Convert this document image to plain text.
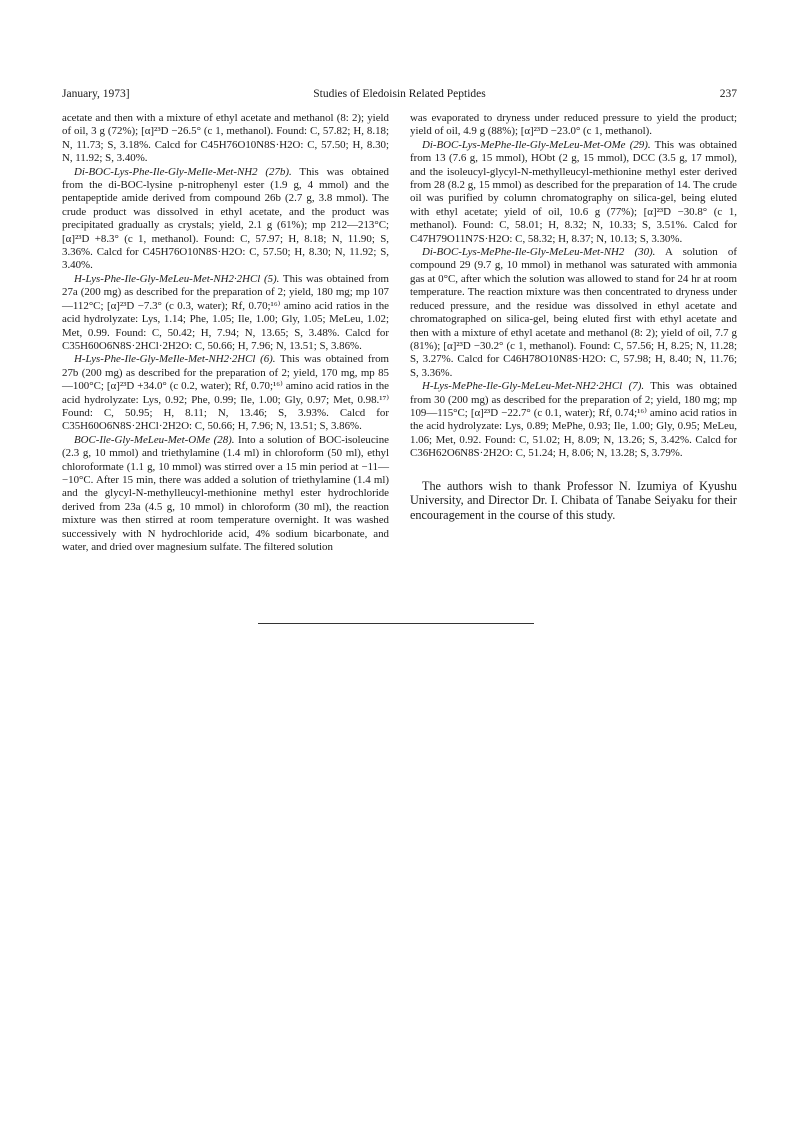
January, 1973]	Studies of Eledoisin Related Peptides	237

acetate and then with a mixture of ethyl acetate and methanol (8: 2); yield of oil, 3 g (72%); [α]²³D −26.5° (c 1, methanol). Found: C, 57.82; H, 8.18; N, 11.73; S, 3.18%. Calcd for C45H76O10N8S·H2O: C, 57.50; H, 8.30; N, 11.92; S, 3.40%.

Di-BOC-Lys-Phe-Ile-Gly-MeIle-Met-NH2 (27b). This was obtained from the di-BOC-lysine p-nitrophenyl ester (1.9 g, 4 mmol) and the pentapeptide amide derived from compound 26b (2.7 g, 3.8 mmol). The crude product was dissolved in ethyl acetate, and the product was precipitated gradually as crystals; yield, 2.1 g (61%); mp 212—213°C; [α]²³D +8.3° (c 1, methanol). Found: C, 57.97; H, 8.18; N, 11.90; S, 3.36%. Calcd for C45H76O10N8S·H2O: C, 57.50; H, 8.30; N, 11.92; S, 3.40%.

H-Lys-Phe-Ile-Gly-MeLeu-Met-NH2·2HCl (5). This was obtained from 27a (200 mg) as described for the preparation of 2; yield, 180 mg; mp 107—112°C; [α]²³D −7.3° (c 0.3, water); Rf, 0.70;¹⁶⁾ amino acid ratios in the acid hydrolyzate: Lys, 1.14; Phe, 1.05; Ile, 1.00; Gly, 1.05; MeLeu, 1.02; Met, 0.99. Found: C, 50.42; H, 7.94; N, 13.65; S, 3.48%. Calcd for C35H60O6N8S·2HCl·2H2O: C, 50.66; H, 7.96; N, 13.51; S, 3.86%.

H-Lys-Phe-Ile-Gly-MeIle-Met-NH2·2HCl (6). This was obtained from 27b (200 mg) as described for the preparation of 2; yield, 170 mg, mp 85—100°C; [α]²³D +34.0° (c 0.2, water); Rf, 0.70;¹⁶⁾ amino acid ratios in the acid hydrolyzate: Lys, 0.92; Phe, 0.99; Ile, 1.00; Gly, 0.97; Met, 0.98.¹⁷⁾ Found: C, 50.95; H, 8.11; N, 13.46; S, 3.93%. Calcd for C35H60O6N8S·2HCl·2H2O: C, 50.66; H, 7.96; N, 13.51; S, 3.86%.

BOC-Ile-Gly-MeLeu-Met-OMe (28). Into a solution of BOC-isoleucine (2.3 g, 10 mmol) and triethylamine (1.4 ml) in chloroform (50 ml), ethyl chloroformate (1.1 g, 10 mmol) was stirred over a 15 min period at −11—−10°C. After 15 min, there was added a solution of triethylamine (1.4 ml) and the glycyl-N-methylleucyl-methionine methyl ester hydrochloride derived from 23a (4.5 g, 10 mmol) in chloroform (30 ml), the reaction mixture was then stirred at room temperature overnight. It was washed successively with N hydrochloride acid, 4% sodium bicarbonate, and water, and dried over magnesium sulfate. The filtered solution

was evaporated to dryness under reduced pressure to yield the product; yield of oil, 4.9 g (88%); [α]²³D −23.0° (c 1, methanol).

Di-BOC-Lys-MePhe-Ile-Gly-MeLeu-Met-OMe (29). This was obtained from 13 (7.6 g, 15 mmol), HObt (2 g, 15 mmol), DCC (3.5 g, 17 mmol), and the isoleucyl-glycyl-N-methylleucyl-methionine methyl ester derived from 28 (8.2 g, 15 mmol) as described for the preparation of 14. The crude oil was purified by column chromatography on silica-gel, being eluted with ethyl acetate; yield of oil, 10.6 g (77%); [α]²³D −30.8° (c 1, methanol). Found: C, 58.01; H, 8.32; N, 10.33; S, 3.51%. Calcd for C47H79O11N7S·H2O: C, 58.32; H, 8.37; N, 10.13; S, 3.30%.

Di-BOC-Lys-MePhe-Ile-Gly-MeLeu-Met-NH2 (30). A solution of compound 29 (9.7 g, 10 mmol) in methanol was saturated with ammonia gas at 0°C, after which the solution was allowed to stand for 24 hr at room temperature. The reaction mixture was then concentrated to dryness under reduced pressure, and the residue was dissolved in ethyl acetate and chromatographed on silica-gel, being eluted first with ethyl acetate and then with a mixture of ethyl acetate and methanol (8: 2); yield of oil, 7.7 g (81%); [α]²³D −30.2° (c 1, methanol). Found: C, 57.56; H, 8.25; N, 11.28; S, 3.27%. Calcd for C46H78O10N8S·H2O: C, 57.98; H, 8.40; N, 11.76; S, 3.36%.

H-Lys-MePhe-Ile-Gly-MeLeu-Met-NH2·2HCl (7). This was obtained from 30 (200 mg) as described for the preparation of 2; yield, 180 mg; mp 109—115°C; [α]²³D −22.7° (c 0.1, water); Rf, 0.74;¹⁶⁾ amino acid ratios in the acid hydrolyzate: Lys, 0.89; MePhe, 0.93; Ile, 1.00; Gly, 0.95; MeLeu, 1.06; Met, 0.92. Found: C, 51.02; H, 8.09; N, 13.26; S, 3.42%. Calcd for C36H62O6N8S·2H2O: C, 51.24; H, 8.06; N, 13.28; S, 3.79%.

The authors wish to thank Professor N. Izumiya of Kyushu University, and Director Dr. I. Chibata of Tanabe Seiyaku for their encouragement in the course of this study.
